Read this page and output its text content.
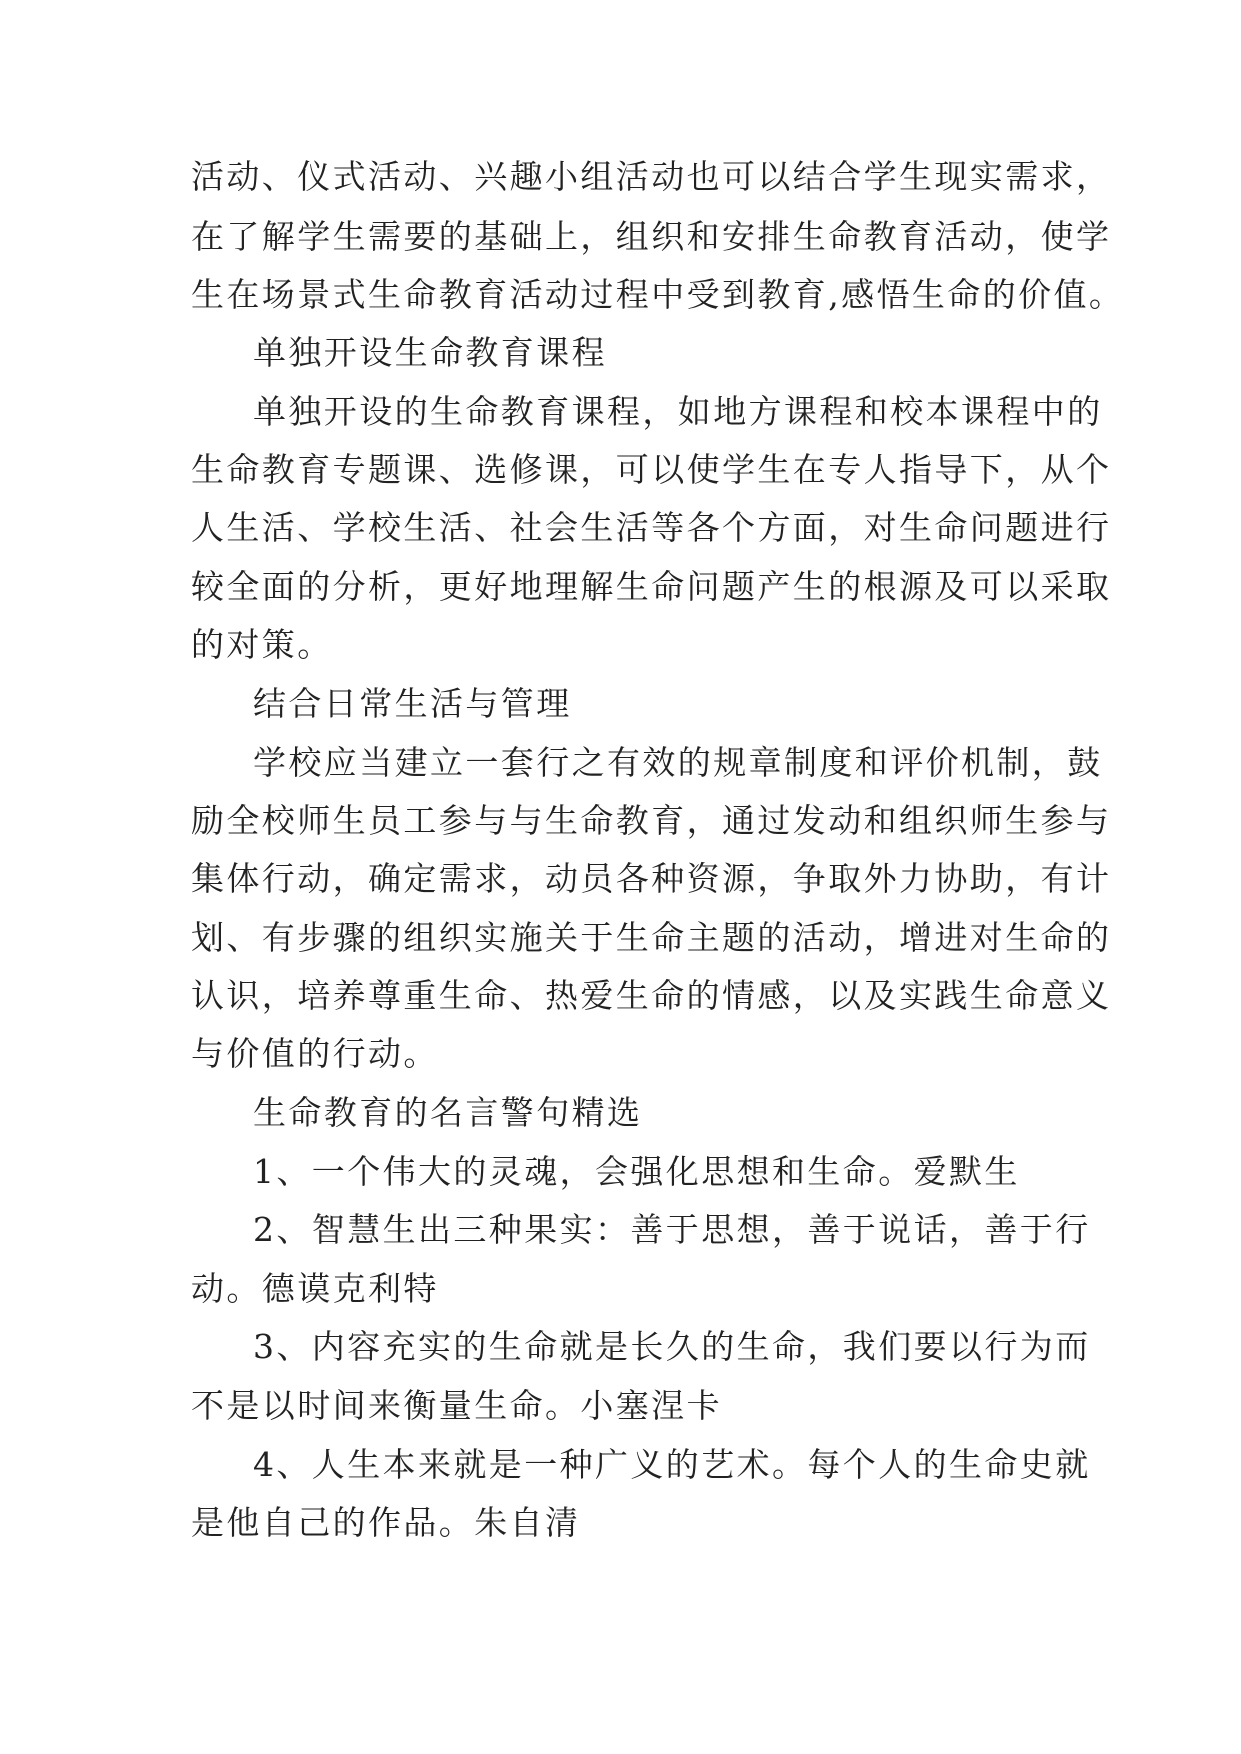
活动、仪式活动、兴趣小组活动也可以结合学生现实需求，
在了解学生需要的基础上，组织和安排生命教育活动，使学
生在场景式生命教育活动过程中受到教育,感悟生命的价值。
单独开设生命教育课程
单独开设的生命教育课程，如地方课程和校本课程中的
生命教育专题课、选修课，可以使学生在专人指导下，从个
人生活、学校生活、社会生活等各个方面，对生命问题进行
较全面的分析，更好地理解生命问题产生的根源及可以采取
的对策。
结合日常生活与管理
学校应当建立一套行之有效的规章制度和评价机制，鼓
励全校师生员工参与与生命教育，通过发动和组织师生参与
集体行动，确定需求，动员各种资源，争取外力协助，有计
划、有步骤的组织实施关于生命主题的活动，增进对生命的
认识，培养尊重生命、热爱生命的情感，以及实践生命意义
与价值的行动。
生命教育的名言警句精选
1、一个伟大的灵魂，会强化思想和生命。爱默生
2、智慧生出三种果实：善于思想，善于说话，善于行
动。德谟克利特
3、内容充实的生命就是长久的生命，我们要以行为而
不是以时间来衡量生命。小塞涅卡
4、人生本来就是一种广义的艺术。每个人的生命史就
是他自己的作品。朱自清
